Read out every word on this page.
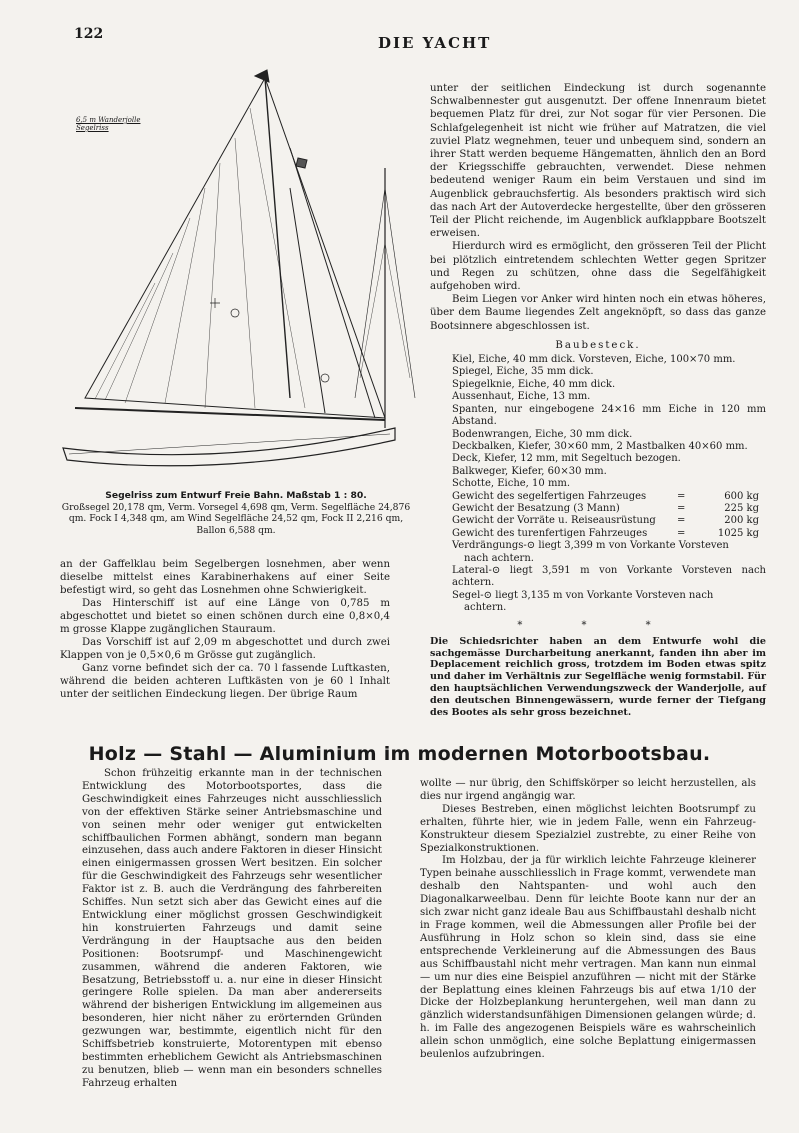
122	DIE YACHT
6,5 m Wanderjolle
Segelriss
Segelriss zum Entwurf Freie Bahn. Maßstab 1 : 80.
Großsegel 20,178 qm, Verm. Vorsegel 4,698 qm, Verm. Segelfläche 24,876 qm. Fock I 4,348 qm, am Wind Segelfläche 24,52 qm, Fock II 2,216 qm, Ballon 6,588 qm.

an der Gaffelklau beim Segelbergen losnehmen, aber wenn dieselbe mittelst eines Karabinerhakens auf einer Seite befestigt wird, so geht das Losnehmen ohne Schwierigkeit.

Das Hinterschiff ist auf eine Länge von 0,785 m abgeschottet und bietet so einen schönen durch eine 0,8×0,4 m grosse Klappe zugänglichen Stauraum.

Das Vorschiff ist auf 2,09 m abgeschottet und durch zwei Klappen von je 0,5×0,6 m Grösse gut zugänglich.

Ganz vorne befindet sich der ca. 70 l fassende Luftkasten, während die beiden achteren Luftkästen von je 60 l Inhalt unter der seitlichen Eindeckung liegen. Der übrige Raum

unter der seitlichen Eindeckung ist durch sogenannte Schwalbennester gut ausgenutzt. Der offene Innenraum bietet bequemen Platz für drei, zur Not sogar für vier Personen. Die Schlafgelegenheit ist nicht wie früher auf Matratzen, die viel zuviel Platz wegnehmen, teuer und unbequem sind, sondern an ihrer Statt werden bequeme Hängematten, ähnlich den an Bord der Kriegsschiffe gebrauchten, verwendet. Diese nehmen bedeutend weniger Raum ein beim Verstauen und sind im Augenblick gebrauchsfertig. Als besonders praktisch wird sich das nach Art der Autoverdecke hergestellte, über den grösseren Teil der Plicht reichende, im Augenblick aufklappbare Bootszelt erweisen.

Hierdurch wird es ermöglicht, den grösseren Teil der Plicht bei plötzlich eintretendem schlechten Wetter gegen Spritzer und Regen zu schützen, ohne dass die Segelfähigkeit aufgehoben wird.

Beim Liegen vor Anker wird hinten noch ein etwas höheres, über dem Baume liegendes Zelt angeknöpft, so dass das ganze Bootsinnere abgeschlossen ist.

Baubesteck.

Kiel, Eiche, 40 mm dick. Vorsteven, Eiche, 100×70 mm.
Spiegel, Eiche, 35 mm dick.
Spiegelknie, Eiche, 40 mm dick.
Aussenhaut, Eiche, 13 mm.
Spanten, nur eingebogene 24×16 mm Eiche in 120 mm Abstand.
Bodenwrangen, Eiche, 30 mm dick.
Deckbalken, Kiefer, 30×60 mm, 2 Mastbalken 40×60 mm.
Deck, Kiefer, 12 mm, mit Segeltuch bezogen.
Balkweger, Kiefer, 60×30 mm.
Schotte, Eiche, 10 mm.
Gewicht des segelfertigen Fahrzeuges	=	600 kg
Gewicht der Besatzung (3 Mann)	=	225 kg
Gewicht der Vorräte u. Reiseausrüstung	=	200 kg
Gewicht des turenfertigen Fahrzeuges	=	1025 kg
Verdrängungs-⊙ liegt 3,399 m von Vorkante Vorsteven
nach achtern.
Lateral-⊙ liegt 3,591 m von Vorkante Vorsteven nach achtern.
Segel-⊙ liegt 3,135 m von Vorkante Vorsteven nach
achtern.
* * *
Die Schiedsrichter haben an dem Entwurfe wohl die sachgemässe Durcharbeitung anerkannt, fanden ihn aber im Deplacement reichlich gross, trotzdem im Boden etwas spitz und daher im Verhältnis zur Segelfläche wenig formstabil. Für den hauptsächlichen Verwendungszweck der Wanderjolle, auf den deutschen Binnengewässern, wurde ferner der Tiefgang des Bootes als sehr gross bezeichnet.
Holz — Stahl — Aluminium im modernen Motorbootsbau.

Schon frühzeitig erkannte man in der technischen Entwicklung des Motorbootsportes, dass die Geschwindigkeit eines Fahrzeuges nicht ausschliesslich von der effektiven Stärke seiner Antriebsmaschine und von seinen mehr oder weniger gut entwickelten schiffbaulichen Formen abhängt, sondern man begann einzusehen, dass auch andere Faktoren in dieser Hinsicht einen einigermassen grossen Wert besitzen. Ein solcher für die Geschwindigkeit des Fahrzeugs sehr wesentlicher Faktor ist z. B. auch die Verdrängung des fahrbereiten Schiffes. Nun setzt sich aber das Gewicht eines auf die Entwicklung einer möglichst grossen Geschwindigkeit hin konstruierten Fahrzeugs und damit seine Verdrängung in der Hauptsache aus den beiden Positionen: Bootsrumpf- und Maschinengewicht zusammen, während die anderen Faktoren, wie Besatzung, Betriebsstoff u. a. nur eine in dieser Hinsicht geringere Rolle spielen. Da man aber andererseits während der bisherigen Entwicklung im allgemeinen aus besonderen, hier nicht näher zu erörternden Gründen gezwungen war, bestimmte, eigentlich nicht für den Schiffsbetrieb konstruierte, Motorentypen mit ebenso bestimmten erheblichem Gewicht als Antriebsmaschinen zu benutzen, blieb — wenn man ein besonders schnelles Fahrzeug erhalten

wollte — nur übrig, den Schiffskörper so leicht herzustellen, als dies nur irgend angängig war.

Dieses Bestreben, einen möglichst leichten Bootsrumpf zu erhalten, führte hier, wie in jedem Falle, wenn ein Fahrzeug-Konstrukteur diesem Spezialziel zustrebte, zu einer Reihe von Spezialkonstruktionen.

Im Holzbau, der ja für wirklich leichte Fahrzeuge kleinerer Typen beinahe ausschliesslich in Frage kommt, verwendete man deshalb den Nahtspanten- und wohl auch den Diagonalkarweelbau. Denn für leichte Boote kann nur der an sich zwar nicht ganz ideale Bau aus Schiffbaustahl deshalb nicht in Frage kommen, weil die Abmessungen aller Profile bei der Ausführung in Holz schon so klein sind, dass sie eine entsprechende Verkleinerung auf die Abmessungen des Baus aus Schiffbaustahl nicht mehr vertragen. Man kann nun einmal — um nur dies eine Beispiel anzuführen — nicht mit der Stärke der Beplattung eines kleinen Fahrzeugs bis auf etwa 1/10 der Dicke der Holzbeplankung heruntergehen, weil man dann zu gänzlich widerstandsunfähigen Dimensionen gelangen würde; d. h. im Falle des angezogenen Beispiels wäre es wahrscheinlich allein schon unmöglich, eine solche Beplattung einigermassen beulenlos aufzubringen.
